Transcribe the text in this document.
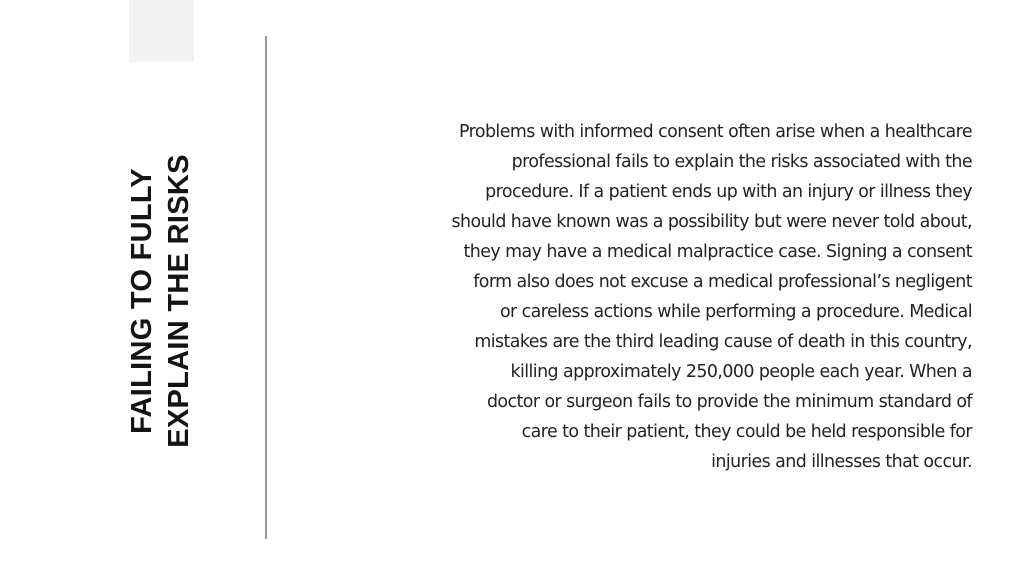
FAILING TO FULLY EXPLAIN THE RISKS

Problems with informed consent often arise when a healthcare
professional fails to explain the risks associated with the
procedure. If a patient ends up with an injury or illness they
should have known was a possibility but were never told about,
they may have a medical malpractice case. Signing a consent
form also does not excuse a medical professional’s negligent
or careless actions while performing a procedure. Medical
mistakes are the third leading cause of death in this country,
killing approximately 250,000 people each year. When a
doctor or surgeon fails to provide the minimum standard of
care to their patient, they could be held responsible for
injuries and illnesses that occur.
